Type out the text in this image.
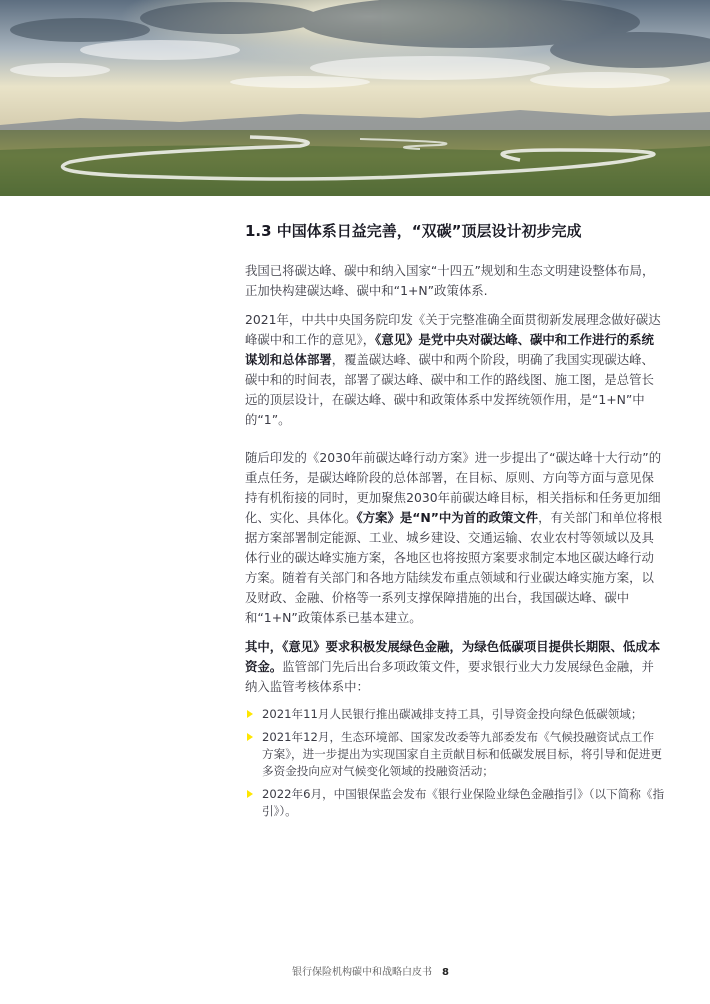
1.3 中国体系日益完善，“双碳”顶层设计初步完成

我国已将碳达峰、碳中和纳入国家“十四五”规划和生态文明建设整体布局，正加快构建碳达峰、碳中和“1+N”政策体系.

2021年，中共中央国务院印发《关于完整准确全面贯彻新发展理念做好碳达峰碳中和工作的意见》，《意见》是党中央对碳达峰、碳中和工作进行的系统谋划和总体部署，覆盖碳达峰、碳中和两个阶段，明确了我国实现碳达峰、碳中和的时间表，部署了碳达峰、碳中和工作的路线图、施工图，是总管长远的顶层设计，在碳达峰、碳中和政策体系中发挥统领作用，是“1+N”中的“1”。

随后印发的《2030年前碳达峰行动方案》进一步提出了“碳达峰十大行动”的重点任务，是碳达峰阶段的总体部署，在目标、原则、方向等方面与意见保持有机衔接的同时，更加聚焦2030年前碳达峰目标，相关指标和任务更加细化、实化、具体化。《方案》是“N”中为首的政策文件，有关部门和单位将根据方案部署制定能源、工业、城乡建设、交通运输、农业农村等领域以及具体行业的碳达峰实施方案，各地区也将按照方案要求制定本地区碳达峰行动方案。随着有关部门和各地方陆续发布重点领域和行业碳达峰实施方案，以及财政、金融、价格等一系列支撑保障措施的出台，我国碳达峰、碳中和“1+N”政策体系已基本建立。

其中，《意见》要求积极发展绿色金融，为绿色低碳项目提供长期限、低成本资金。监管部门先后出台多项政策文件，要求银行业大力发展绿色金融，并纳入监管考核体系中：

2021年11月人民银行推出碳减排支持工具，引导资金投向绿色低碳领域；
2021年12月，生态环境部、国家发改委等九部委发布《气候投融资试点工作方案》，进一步提出为实现国家自主贡献目标和低碳发展目标，将引导和促进更多资金投向应对气候变化领域的投融资活动；
2022年6月，中国银保监会发布《银行业保险业绿色金融指引》（以下简称《指引》）。
银行保险机构碳中和战略白皮书 8
